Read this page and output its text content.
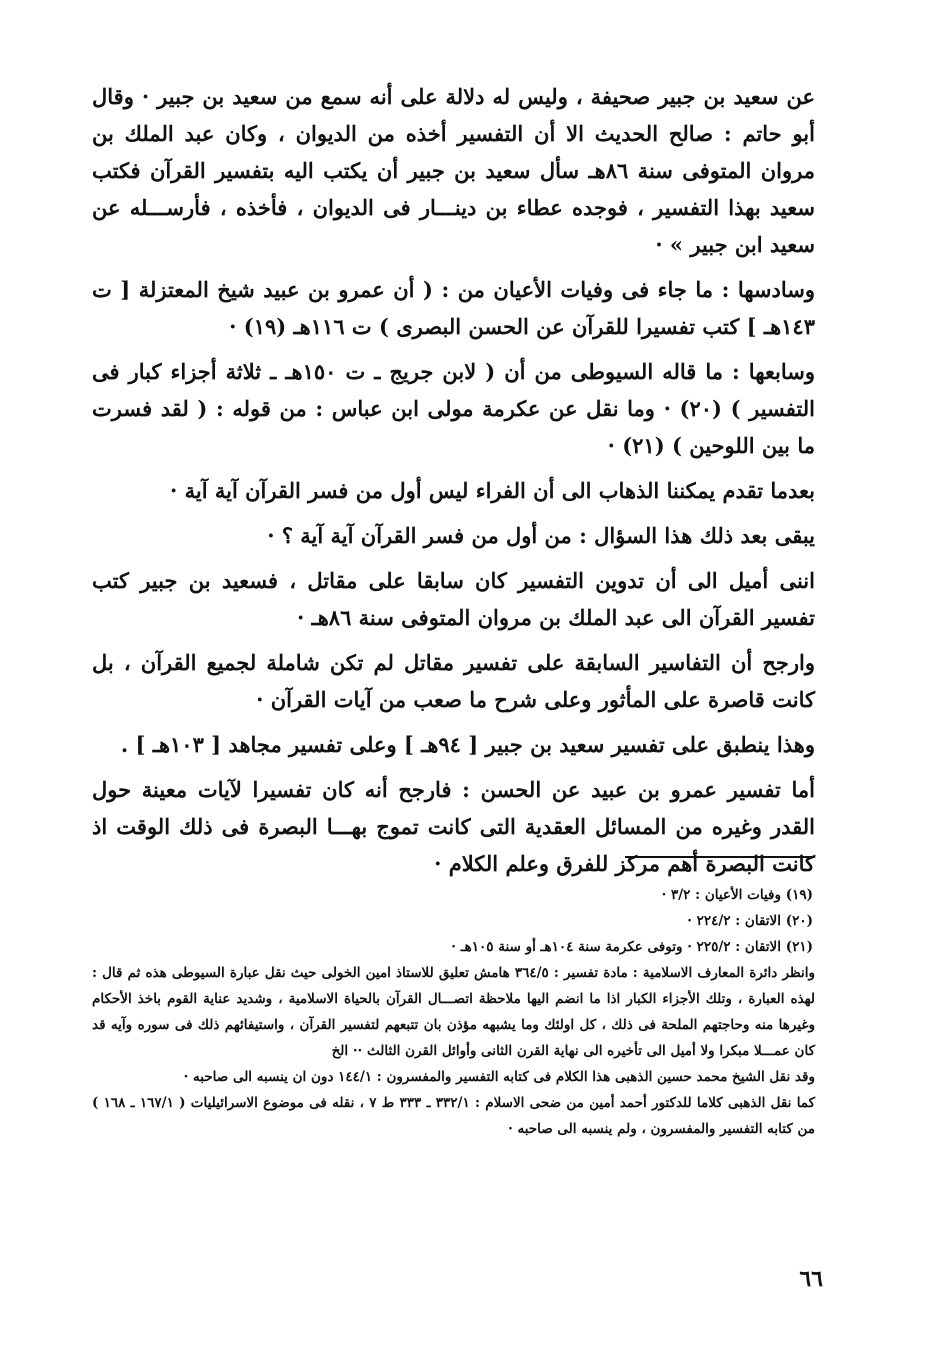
عن سعيد بن جبير صحيفة ، وليس له دلالة على أنه سمع من سعيد بن جبير · وقال أبو حاتم : صالح الحديث الا أن التفسير أخذه من الديوان ، وكان عبد الملك بن مروان المتوفى سنة ٨٦هـ سأل سعيد بن جبير أن يكتب اليه بتفسير القرآن فكتب سعيد بهذا التفسير ، فوجده عطاء بن دينـــار فى الديوان ، فأخذه ، فأرســـله عن سعيد ابن جبير » ·

وسادسها : ما جاء فى وفيات الأعيان من : ( أن عمرو بن عبيد شيخ المعتزلة [ ت ١٤٣هـ ] كتب تفسيرا للقرآن عن الحسن البصرى ) ت ١١٦هـ (١٩) ·

وسابعها : ما قاله السيوطى من أن ( لابن جريج ـ ت ١٥٠هـ ـ ثلاثة أجزاء كبار فى التفسير ) (٢٠) · وما نقل عن عكرمة مولى ابن عباس : من قوله : ( لقد فسرت ما بين اللوحين ) (٢١) ·

بعدما تقدم يمكننا الذهاب الى أن الفراء ليس أول من فسر القرآن آية آية ·

يبقى بعد ذلك هذا السؤال : من أول من فسر القرآن آية آية ؟ ·

اننى أميل الى أن تدوين التفسير كان سابقا على مقاتل ، فسعيد بن جبير كتب تفسير القرآن الى عبد الملك بن مروان المتوفى سنة ٨٦هـ ·

وارجح أن التفاسير السابقة على تفسير مقاتل لم تكن شاملة لجميع القرآن ، بل كانت قاصرة على المأثور وعلى شرح ما صعب من آيات القرآن ·

وهذا ينطبق على تفسير سعيد بن جبير [ ٩٤هـ ] وعلى تفسير مجاهد [ ١٠٣هـ ] .

أما تفسير عمرو بن عبيد عن الحسن : فارجح أنه كان تفسيرا لآيات معينة حول القدر وغيره من المسائل العقدية التى كانت تموج بهـــا البصرة فى ذلك الوقت اذ كانت البصرة أهم مركز للفرق وعلم الكلام ·

(١٩) وفيات الأعيان : ٣/٢ ·

(٢٠) الاتقان : ٢٢٤/٢ ·

(٢١) الاتقان : ٢٢٥/٢ · وتوفى عكرمة سنة ١٠٤هـ أو سنة ١٠٥هـ ·

وانظر دائرة المعارف الاسلامية : مادة تفسير : ٣٦٤/٥ هامش تعليق للاستاذ امين الخولى حيث نقل عبارة السيوطى هذه ثم قال : لهذه العبارة ، وتلك الأجزاء الكبار اذا ما انضم اليها ملاحظة اتصـــال القرآن بالحياة الاسلامية ، وشديد عناية القوم باخذ الأحكام وغيرها منه وحاجتهم الملحة فى ذلك ، كل اولئك وما يشبهه مؤذن بان تتبعهم لتفسير القرآن ، واستيفائهم ذلك فى سوره وآيه قد كان عمـــلا مبكرا ولا أميل الى تأخيره الى نهاية القرن الثانى وأوائل القرن الثالث ·· الخ

وقد نقل الشيخ محمد حسين الذهبى هذا الكلام فى كتابه التفسير والمفسرون : ١٤٤/١ دون ان ينسبه الى صاحبه ·

كما نقل الذهبى كلاما للدكتور أحمد أمين من ضحى الاسلام : ٣٣٢/١ ـ ٣٣٣ ط ٧ ، نقله فى موضوع الاسرائيليات ( ١٦٧/١ ـ ١٦٨ ) من كتابه التفسير والمفسرون ، ولم ينسبه الى صاحبه ·

٦٦
